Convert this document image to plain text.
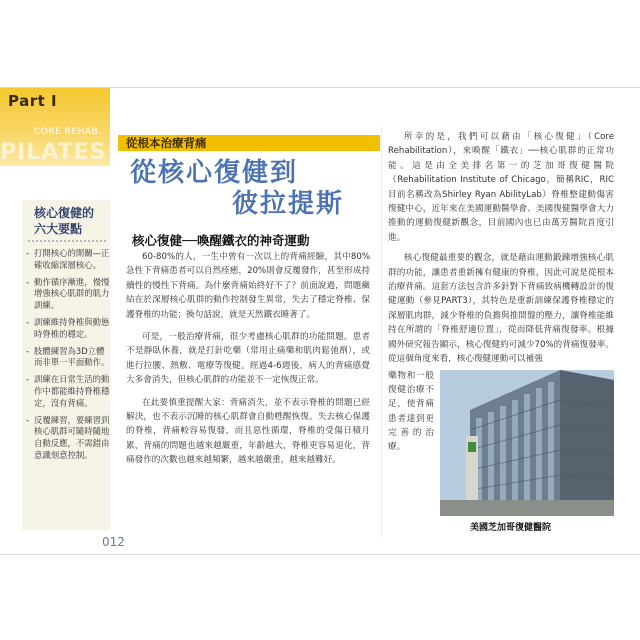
Part I
CORE REHAB.
PILATES
核心復健的
六大要點
- 打開核心的開關—正確收縮深層核心。
- 動作循序漸進，慢慢增強核心肌群的肌力訓練。
- 訓練維持脊椎與動態時脊椎的穩定。
- 肢體練習為3D立體而非單一平面動作。
- 訓練在日常生活的動作中都能維持脊椎穩定，沒有背痛。
- 反覆練習，要練習到核心肌群可隨時隨地自動反應，不需錯由意識刻意控制。
從根本治療背痛
從核心復健到
彼拉提斯
核心復健──喚醒鐵衣的神奇運動

60-80%的人，一生中曾有一次以上的背痛經驗，其中80%急性下背痛患者可以自然痊癒，20%則會反覆發作，甚至形成持續性的慢性下背痛。為什麼背痛始終好不了？前面說過，問題癥結在於深層核心肌群的動作控制發生異常，失去了穩定脊椎、保護脊椎的功能；換句話說，就是天然鐵衣睡著了。

可是，一般治療背痛，很少考慮核心肌群的功能問題。患者不是靜臥休養，就是打針吃藥（常用止痛藥和肌肉鬆弛劑），或進行拉腰、熱敷、電療等復健。經過4-6週後，病人的背痛感覺大多會消失，但核心肌群的功能並不一定恢復正常。

在此要慎重提醒大家：背痛消失，並不表示脊椎的問題已經解決，也不表示沉睡的核心肌群會自動甦醒恢復。失去核心保護的脊椎，背痛較容易復發，而且惡性循環，脊椎的受傷日積月累，背痛的問題也越來越嚴重，年齡越大，脊椎更容易退化，背痛發作的次數也越來越頻繁，越來越嚴重，越來越難好。

所幸的是，我們可以藉由「核心復健」（Core Rehabilitation），來喚醒「鐵衣」──核心肌群的正常功能。這是由全美排名第一的芝加哥復健醫院（Rehabilitation Institute of Chicago，簡稱RIC，RIC目前名稱改為Shirley Ryan AbilityLab）脊椎整建動傷害復健中心，近年來在美國運動醫學會、美國復健醫學會大力推動的運動復健新觀念，目前國內也已由萬芳醫院首度引進。

核心復健最重要的觀念，就是藉由運動鍛鍊增強核心肌群的功能，讓患者重新擁有健康的脊椎，因此可說是從根本治療背痛。這套方法包含許多針對下背痛致病機轉設計的復健運動（參見PART3），其特色是重新訓練保護脊椎穩定的深層肌肉群，減少脊椎的負擔與推間盤的壓力，讓脊椎能維持在所謂的「脊椎舒適位置」，從而降低背痛復發率。根據國外研究報告顯示，核心復健約可減少70%的背痛復發率。從這個角度來看，核心復健運動可以補強

藥物和一般復健治療不足，使背痛患者達到更完善的治療。
美國芝加哥復健醫院
012
